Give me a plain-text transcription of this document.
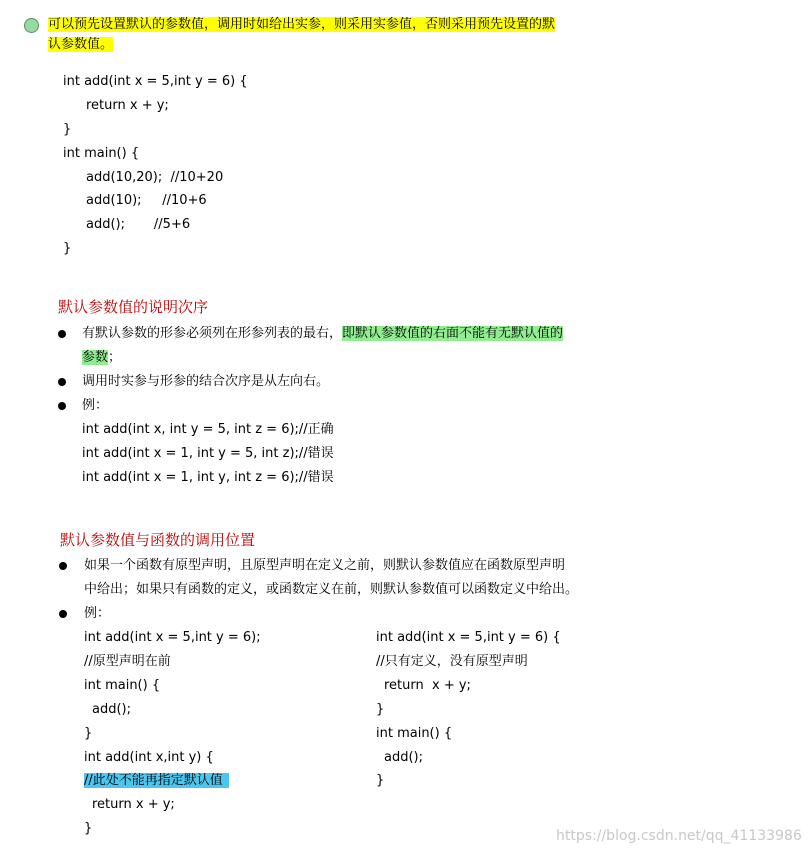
可以预先设置默认的参数值，调用时如给出实参，则采用实参值，否则采用预先设置的默
认参数值。
int add(int x = 5,int y = 6) {
return x + y;
}
int main() {
add(10,20);  //10+20
add(10);     //10+6
add();       //5+6
}
默认参数值的说明次序
有默认参数的形参必须列在形参列表的最右，即默认参数值的右面不能有无默认值的
参数；
调用时实参与形参的结合次序是从左向右。
例：
int add(int x, int y = 5, int z = 6);//正确
int add(int x = 1, int y = 5, int z);//错误
int add(int x = 1, int y, int z = 6);//错误
默认参数值与函数的调用位置
如果一个函数有原型声明，且原型声明在定义之前，则默认参数值应在函数原型声明
中给出；如果只有函数的定义，或函数定义在前，则默认参数值可以函数定义中给出。
例：
int add(int x = 5,int y = 6);
//原型声明在前
int main() {
add();
}
int add(int x,int y) {
//此处不能再指定默认值
return x + y;
}
int add(int x = 5,int y = 6) {
//只有定义，没有原型声明
return  x + y;
}
int main() {
add();
}
https://blog.csdn.net/qq_41133986
